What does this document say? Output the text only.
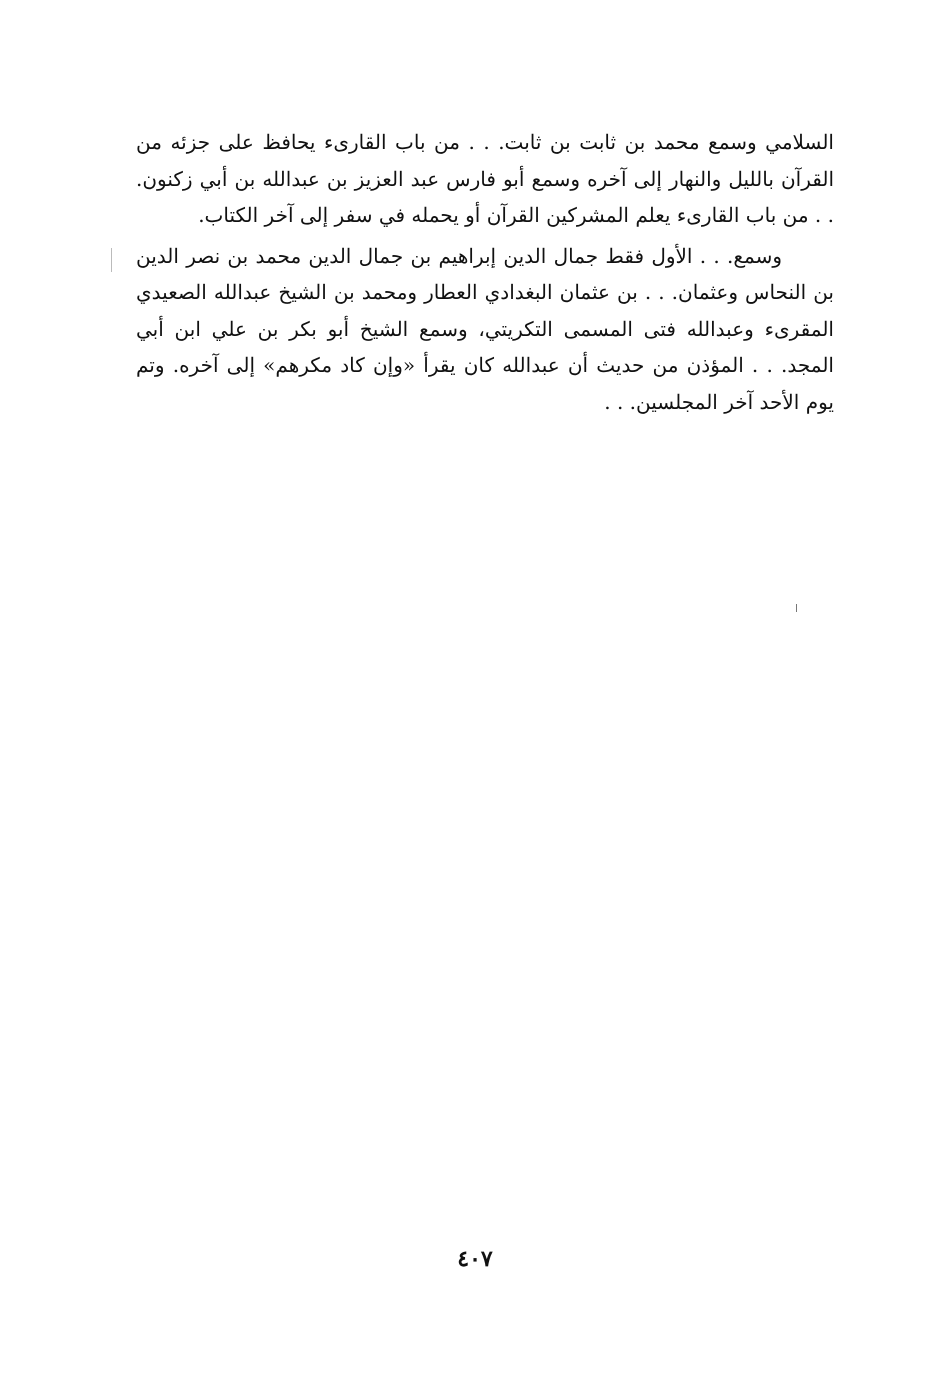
السلامي وسمع محمد بن ثابت بن ثابت. . . من باب القارىء يحافظ على جزئه من القرآن بالليل والنهار إلى آخره وسمع أبو فارس عبد العزيز بن عبدالله بن أبي زكنون. . . من باب القارىء يعلم المشركين القرآن أو يحمله في سفر إلى آخر الكتاب.

وسمع. . . الأول فقط جمال الدين إبراهيم بن جمال الدين محمد بن نصر الدين بن النحاس وعثمان. . . بن عثمان البغدادي العطار ومحمد بن الشيخ عبدالله الصعيدي المقرىء وعبدالله فتى المسمى التكريتي، وسمع الشيخ أبو بكر بن علي ابن أبي المجد. . . المؤذن من حديث أن عبدالله كان يقرأ «وإن كاد مكرهم» إلى آخره. وتم يوم الأحد آخر المجلسين. . .

٤٠٧
